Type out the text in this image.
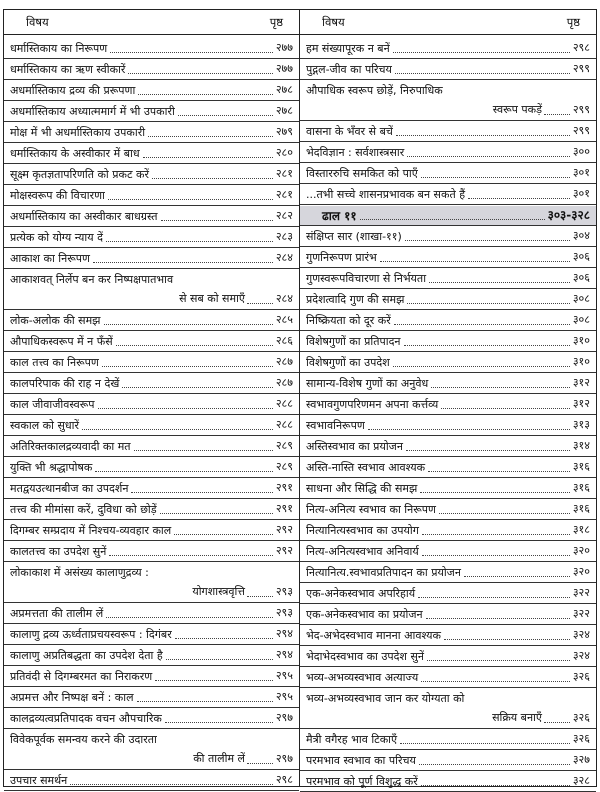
विषय	पृष्ठ
धर्मास्तिकाय का निरूपण	२७७
धर्मास्तिकाय का ऋण स्वीकारें	२७७
अधर्मास्तिकाय द्रव्य की प्ररूपणा	२७८
अधर्मास्तिकाय अध्यात्ममार्ग में भी उपकारी	२७८
मोक्ष में भी अधर्मास्तिकाय उपकारी	२७९
धर्मास्तिकाय के अस्वीकार में बाध	२८०
सूक्ष्म कृतज्ञतापरिणति को प्रकट करें	२८१
मोक्षस्वरूप की विचारणा	२८१
अधर्मास्तिकाय का अस्वीकार बाधग्रस्त	२८२
प्रत्येक को योग्य न्याय दें	२८३
आकाश का निरूपण	२८४
आकाशवत् निर्लेप बन कर निष्पक्षपातभाव
से सब को समाएँ	२८४
लोक-अलोक की समझ	२८५
औपाधिकस्वरूप में न फँसें	२८६
काल तत्त्व का निरूपण	२८७
कालपरिपाक की राह न देखें	२८७
काल जीवाजीवस्वरूप	२८८
स्वकाल को सुधारें	२८८
अतिरिक्तकालद्रव्यवादी का मत	२८९
युक्ति भी श्रद्धापोषक	२८९
मतद्वयउत्थानबीज का उपदर्शन	२९१
तत्त्व की मीमांसा करें, दुविधा को छोड़ें	२९१
दिगम्बर सम्प्रदाय में निश्चय-व्यवहार काल	२९२
कालतत्त्व का उपदेश सुनें	२९२
लोकाकाश में असंख्य कालाणुद्रव्य :
योगशास्त्रवृत्ति	२९३
अप्रमत्तता की तालीम लें	२९३
कालाणु द्रव्य ऊर्ध्वताप्रचयस्वरूप : दिगंबर	२९४
कालाणु अप्रतिबद्धता का उपदेश देता है	२९४
प्रतिवंदी से दिगम्बरमत का निराकरण	२९५
अप्रमत्त और निष्पक्ष बनें : काल	२९५
कालद्रव्यत्वप्रतिपादक वचन औपचारिक	२९७
विवेकपूर्वक समन्वय करने की उदारता
की तालीम लें	२९७
उपचार समर्थन	२९८
विषय	पृष्ठ
हम संख्यापूरक न बनें	२९८
पुद्गल-जीव का परिचय	२९९
औपाधिक स्वरूप छोड़ें, निरुपाधिक
स्वरूप पकड़ें	२९९
वासना के भँवर से बचें	२९९
भेदविज्ञान : सर्वशास्त्रसार	३००
विस्ताररुचि समकित को पाएँ	३०१
...तभी सच्चे शासनप्रभावक बन सकते हैं	३०१
ढाल ११	३०३-३२८
संक्षिप्त सार (शाखा-११)	३०४
गुणनिरूपण प्रारंभ	३०६
गुणस्वरूपविचारणा से निर्भयता	३०६
प्रदेशत्वादि गुण की समझ	३०८
निष्क्रियता को दूर करें	३०८
विशेषगुणों का प्रतिपादन	३१०
विशेषगुणों का उपदेश	३१०
सामान्य-विशेष गुणों का अनुवेध	३१२
स्वभावगुणपरिणमन अपना कर्त्तव्य	३१२
स्वभावनिरूपण	३१३
अस्तिस्वभाव का प्रयोजन	३१४
अस्ति-नास्ति स्वभाव आवश्यक	३१६
साधना और सिद्धि की समझ	३१६
नित्य-अनित्य स्वभाव का निरूपण	३१६
नित्यानित्यस्वभाव का उपयोग	३१८
नित्य-अनित्यस्वभाव अनिवार्य	३२०
नित्यानित्य.स्वभावप्रतिपादन का प्रयोजन	३२०
एक-अनेकस्वभाव अपरिहार्य	३२२
एक-अनेकस्वभाव का प्रयोजन	३२२
भेद-अभेदस्वभाव मानना आवश्यक	३२४
भेदाभेदस्वभाव का उपदेश सुनें	३२४
भव्य-अभव्यस्वभाव अत्याज्य	३२६
भव्य-अभव्यस्वभाव जान कर योग्यता को
सक्रिय बनाएँ	३२६
मैत्री वगैरह भाव टिकाएँ	३२६
परमभाव स्वभाव का परिचय	३२७
परमभाव को पूर्ण विशुद्ध करें	३२८
